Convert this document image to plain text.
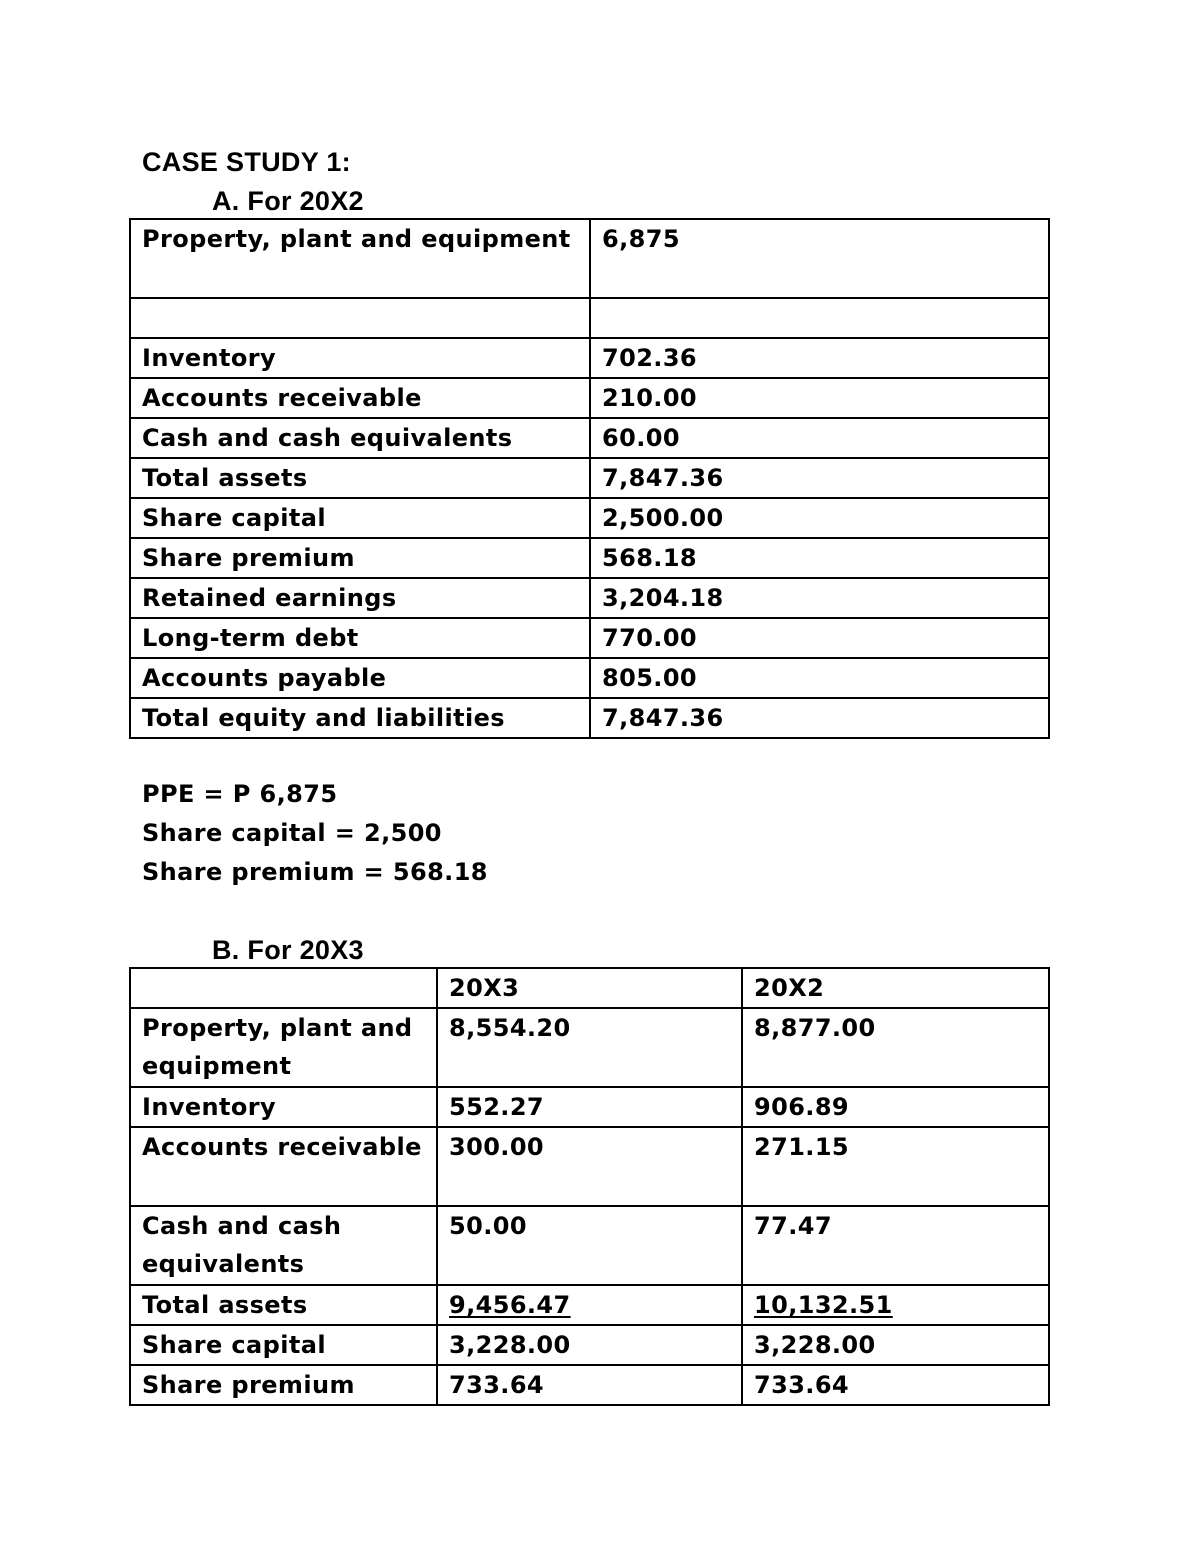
CASE STUDY 1:
A. For 20X2
Property, plant and equipment	6,875

Inventory	702.36
Accounts receivable	210.00
Cash and cash equivalents	60.00
Total assets	7,847.36
Share capital	2,500.00
Share premium	568.18
Retained earnings	3,204.18
Long-term debt	770.00
Accounts payable	805.00
Total equity and liabilities	7,847.36
PPE = P 6,875
Share capital = 2,500
Share premium = 568.18
B. For 20X3
	20X3	20X2
Property, plant and equipment	8,554.20	8,877.00
Inventory	552.27	906.89
Accounts receivable	300.00	271.15
Cash and cash equivalents	50.00	77.47
Total assets	9,456.47	10,132.51
Share capital	3,228.00	3,228.00
Share premium	733.64	733.64
